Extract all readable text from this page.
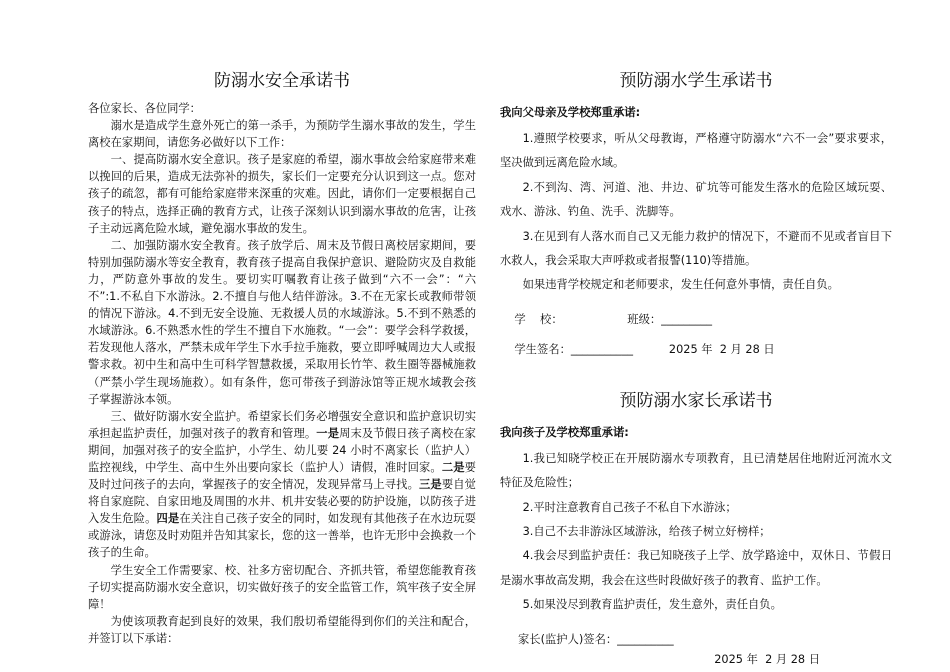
防溺水安全承诺书

各位家长、各位同学：

溺水是造成学生意外死亡的第一杀手，为预防学生溺水事故的发生，学生离校在家期间，请您务必做好以下工作：

一、提高防溺水安全意识。孩子是家庭的希望，溺水事故会给家庭带来难以挽回的后果，造成无法弥补的损失，家长们一定要充分认识到这一点。您对孩子的疏忽，都有可能给家庭带来深重的灾难。因此，请你们一定要根据自己孩子的特点，选择正确的教育方式，让孩子深刻认识到溺水事故的危害，让孩子主动远离危险水域，避免溺水事故的发生。

二、加强防溺水安全教育。孩子放学后、周末及节假日离校居家期间，要特别加强防溺水等安全教育，教育孩子提高自我保护意识、避险防灾及自救能力，严防意外事故的发生。要切实叮嘱教育让孩子做到“六不一会”：“六不”:1.不私自下水游泳。2.不擅自与他人结伴游泳。3.不在无家长或教师带领的情况下游泳。4.不到无安全设施、无救援人员的水域游泳。5.不到不熟悉的水域游泳。6.不熟悉水性的学生不擅自下水施救。“一会”：要学会科学救援，若发现他人落水，严禁未成年学生下水手拉手施救，要立即呼喊周边大人或报警求救。初中生和高中生可科学智慧救援，采取用长竹竿、救生圈等器械施救（严禁小学生现场施救）。如有条件，您可带孩子到游泳馆等正规水域教会孩子掌握游泳本领。

三、做好防溺水安全监护。希望家长们务必增强安全意识和监护意识切实承担起监护责任，加强对孩子的教育和管理。一是周末及节假日孩子离校在家期间，加强对孩子的安全监护，小学生、幼儿要 24 小时不离家长（监护人）监控视线，中学生、高中生外出要向家长（监护人）请假，准时回家。二是要及时过问孩子的去向，掌握孩子的安全情况，发现异常马上寻找。三是要自觉将自家庭院、自家田地及周围的水井、机井安装必要的防护设施，以防孩子进入发生危险。四是在关注自己孩子安全的同时，如发现有其他孩子在水边玩耍或游泳，请您及时劝阻并告知其家长，您的这一善举，也许无形中会换救一个孩子的生命。

学生安全工作需要家、校、社多方密切配合、齐抓共管，希望您能教育孩子切实提高防溺水安全意识，切实做好孩子的安全监管工作，筑牢孩子安全屏障！

为使该项教育起到良好的效果，我们殷切希望能得到你们的关注和配合，并签订以下承诺：

预防溺水学生承诺书

我向父母亲及学校郑重承诺:

1.遵照学校要求，听从父母教诲，严格遵守防溺水“六不一会”要求要求，坚决做到远离危险水域。

2.不到沟、湾、河道、池、井边、矿坑等可能发生落水的危险区域玩耍、戏水、游泳、钓鱼、洗手、洗脚等。

3.在见到有人落水而自己又无能力救护的情况下，不避而不见或者盲目下水救人，我会采取大声呼救或者报警(110)等措施。

如果违背学校规定和老师要求，发生任何意外事情，责任自负。

学    校：	班级：_________

学生签名：___________	2025 年  2 月 28 日

预防溺水家长承诺书

我向孩子及学校郑重承诺:

1.我已知晓学校正在开展防溺水专项教育，且已清楚居住地附近河流水文特征及危险性；

2.平时注意教育自己孩子不私自下水游泳；

3.自己不去非游泳区域游泳，给孩子树立好榜样；

4.我会尽到监护责任：我已知晓孩子上学、放学路途中，双休日、节假日是溺水事故高发期，我会在这些时段做好孩子的教育、监护工作。

5.如果没尽到教育监护责任，发生意外，责任自负。

家长(监护人)签名：__________

2025 年  2 月 28 日
